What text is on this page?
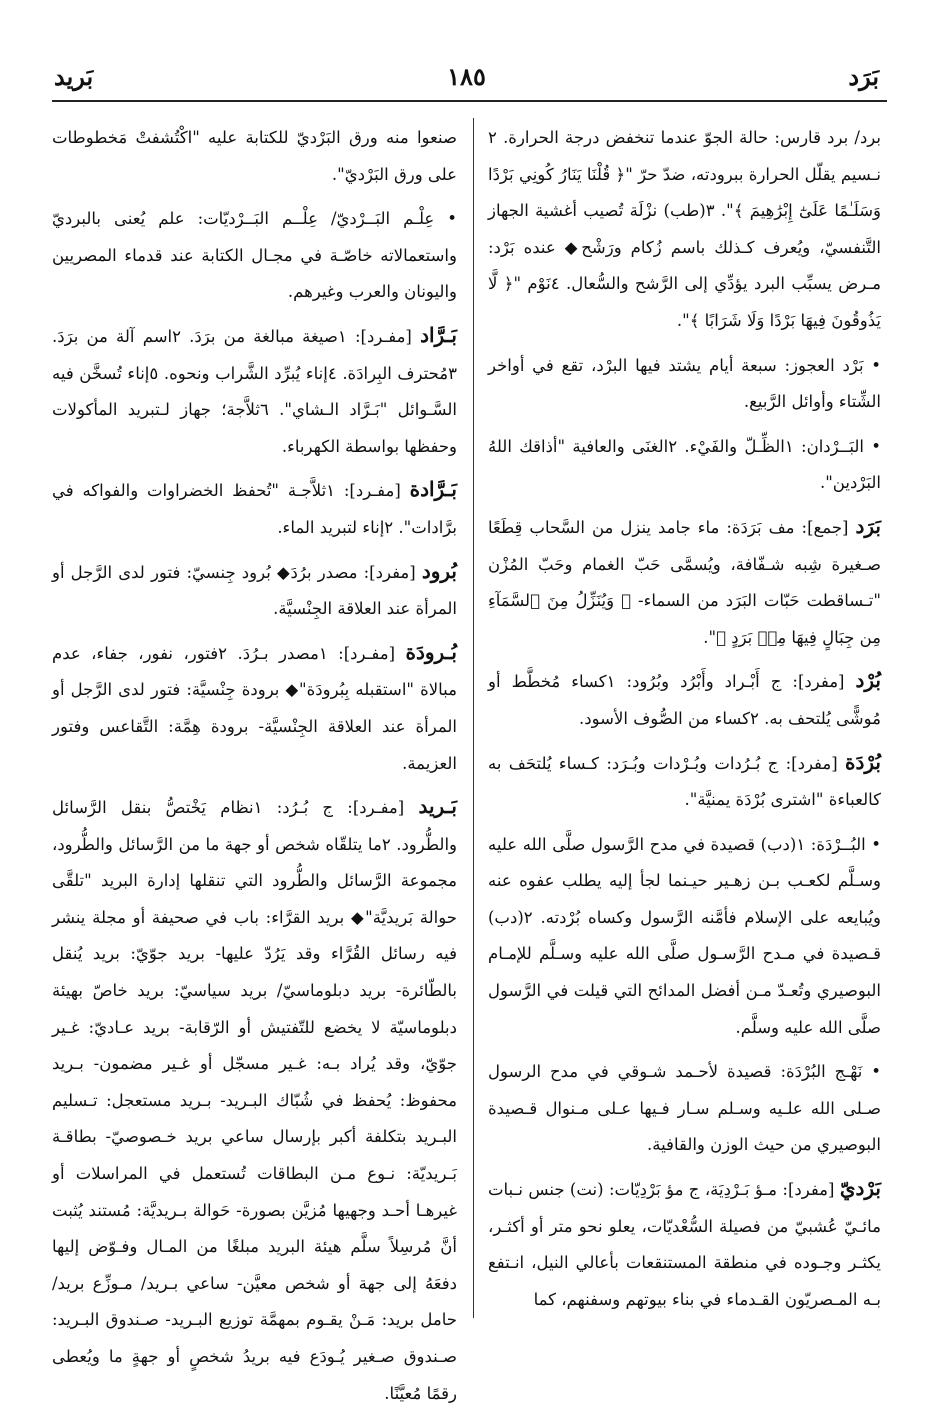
بَرَد
١٨٥
بَريد

برد/ برد قارس: حالة الجوّ عندما تنخفض درجة الحرارة. ٢ نـسيم يقلّل الحرارة ببرودته، ضدّ حرّ "﴿ قُلْنَا يَنَارُ كُونِي بَرْدًا وَسَلَـٰمًا عَلَىٰٓ إِبْرَٰهِيمَ ﴾". ٣(طب) نزْلَة تُصيب أغشية الجهاز التَّنفسيّ، ويُعرف كـذلك باسم زُكام ورَشْح◆ عنده بَرْد: مـرض يسبِّب البرد يؤدِّي إلى الرَّشح والسُّعال. ٤نَوْم "﴿ لَّا يَذُوقُونَ فِيهَا بَرْدًا وَلَا شَرَابًا ﴾".

• بَرْد العجوز: سبعة أيام يشتد فيها البرْد، تقع في أواخر الشِّتاء وأوائل الرَّبيع.

• البَــرْدان: ١الظِّـلّ والفَيْء. ٢الغنَى والعافية "أذاقك اللهُ البَرْدين".

بَرَد [جمع]: مف بَرَدَة: ماء جامد ينزل من السَّحاب قِطَعًا صـغيرة شِبه شـفّافة، ويُسمَّى حَبّ الغمام وحَبّ المُزْن "تـساقطت حَبّات البَرَد من السماء- ﴿ وَيُنَزِّلُ مِنَ ٱلسَّمَآءِ مِن جِبَالٍ فِيهَا مِنۢ بَرَدٍ ﴾".

بُرْد [مفرد]: ج أَبْـراد وأَبْرُد وبُرُود: ١كساء مُخطَّط أو مُوشًّى يُلتحف به. ٢كساء من الصُّوف الأسود.

بُرْدَة [مفرد]: ج بُـرُدات وبُـرْدات وبُـرَد: كـساء يُلتحَف به كالعباءة "اشترى بُرْدَة يمنيَّة".

• البُــرْدَة: ١(دب) قصيدة في مدح الرَّسول صلَّى الله عليه وسـلَّم لكعـب بـن زهـير حيـنما لجأ إليه يطلب عفوه عنه ويُبايعه على الإسلام فأمَّنه الرَّسول وكساه بُرْدته. ٢(دب) قـصيدة في مـدح الرَّسـول صلَّى الله عليه وسـلَّم للإمـام البوصيري وتُعـدّ مـن أفضل المدائح التي قيلت في الرَّسول صلَّى الله عليه وسلَّم.

• نَهْـج البُرْدَة: قصيدة لأحـمد شـوقي في مدح الرسول صـلى الله علـيه وسـلم سـار فـيها عـلى مـنوال قـصيدة البوصيري من حيث الوزن والقافية.

بَرْديّ [مفرد]: مـؤ بَـرْدِيَة، ج مؤ بَرْدِيّات: (نت) جنس نـبات مائـيّ عُشبيّ من فصيلة السُّعْديّات، يعلو نحو متر أو أكثـر، يكثـر وجـوده في منطقة المستنقعات بأعالي النيل، انـتفع بـه المـصريّون القـدماء في بناء بيوتهم وسفنهم، كما

صنعوا منه ورق البَرْديّ للكتابة عليه "اكْتُشفتْ مَخطوطات على ورق البَرْديّ".

• عِلْـم البَــرْديّ/ عِلْــم البَــرْديّات: علم يُعنى بالبرديّ واستعمالاته خاصّـة في مجـال الكتابة عند قدماء المصريين واليونان والعرب وغيرهم.

بَـرَّاد [مفـرد]: ١صيغة مبالغة من برَدَ. ٢اسم آلة من برَدَ. ٣مُحترف البِرادَة. ٤إناء يُبرِّد الشَّراب ونحوه. ٥إناء تُسخَّن فيه السَّـوائل "بَـرَّاد الـشاي". ٦ثلاَّجة؛ جهاز لـتبريد المأكولات وحفظها بواسطة الكهرباء.

بَـرَّادة [مفـرد]: ١ثلاَّجـة "تُحفظ الخضراوات والفواكه في برَّادات". ٢إناء لتبريد الماء.

بُرود [مفرد]: مصدر برُدَ◆ بُرود جِنسيّ: فتور لدى الرَّجل أو المرأة عند العلاقة الجِنْسيَّة.

بُـرودَة [مفـرد]: ١مصدر بـرُدَ. ٢فتور، نفور، جفاء، عدم مبالاة "استقبله بِبُرودَة"◆ برودة جِنْسيَّة: فتور لدى الرَّجل أو المرأة عند العلاقة الجِنْسيَّة- برودة هِمَّة: التَّقاعس وفتور العزيمة.

بَـريد [مفـرد]: ج بُـرُد: ١نظام يَخْتصُّ بنقل الرَّسائل والطُّرود. ٢ما يتلقّاه شخص أو جهة ما من الرَّسائل والطُّرود، مجموعة الرَّسائل والطُّرود التي تنقلها إدارة البريد "تلقَّى حوالة بَريديَّة"◆ بريد القرَّاء: باب في صحيفة أو مجلة ينشر فيه رسائل القُرَّاء وقد يَرُدّ عليها- بريد جوّيّ: بريد يُنقل بالطّائرة- بريد دبلوماسيّ/ بريد سياسيّ: بريد خاصّ بهيئة دبلوماسيّة لا يخضع للتّفتيش أو الرّقابة- بريد عـاديّ: غـير جوّيّ، وقد يُراد بـه: غـير مسجّل أو غـير مضمون- بـريد محفوظ: يُحفظ في شُبّاك البـريد- بـريد مستعجل: تـسليم البـريد بتكلفة أكبر بإرسال ساعي بريد خـصوصيّ- بطاقـة بَـريديّة: نـوع مـن البطاقات تُستعمل في المراسلات أو غيرهـا أحـد وجهيها مُزيَّن بصورة- حَوالة بـريديَّة: مُستند يُثبت أنَّ مُرسِلاً سلَّم هيئة البريد مبلغًا من المـال وفـوّض إليها دفعَهُ إلى جهة أو شخص معيَّن- ساعي بـريد/ مـوزِّع بريد/ حامل بريد: مَـنْ يقـوم بمهمَّة توزيع البـريد- صـندوق البـريد: صـندوق صـغير يُـودَع فيه بريدُ شخصٍ أو جهةٍ ما ويُعطى رقمًا مُعيَّنًا.
